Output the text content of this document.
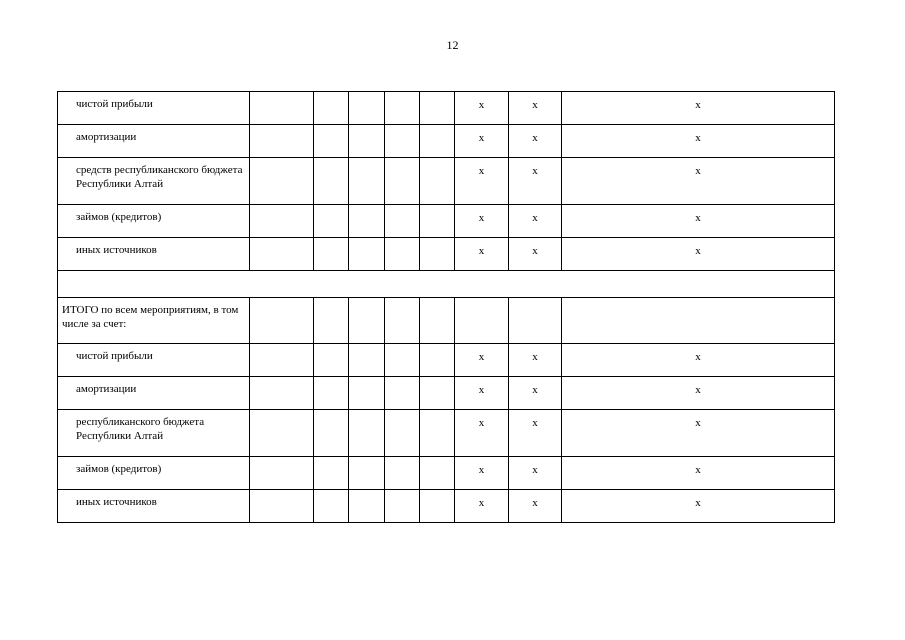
12
чистой прибыли						х	х	х
амортизации						х	х	х
средств республиканского бюджета Республики Алтай						х	х	х
займов (кредитов)						х	х	х
иных источников						х	х	х

ИТОГО по всем мероприятиям, в том числе за счет:								
чистой прибыли						х	х	х
амортизации						х	х	х
республиканского бюджета Республики Алтай						х	х	х
займов (кредитов)						х	х	х
иных источников						х	х	х
